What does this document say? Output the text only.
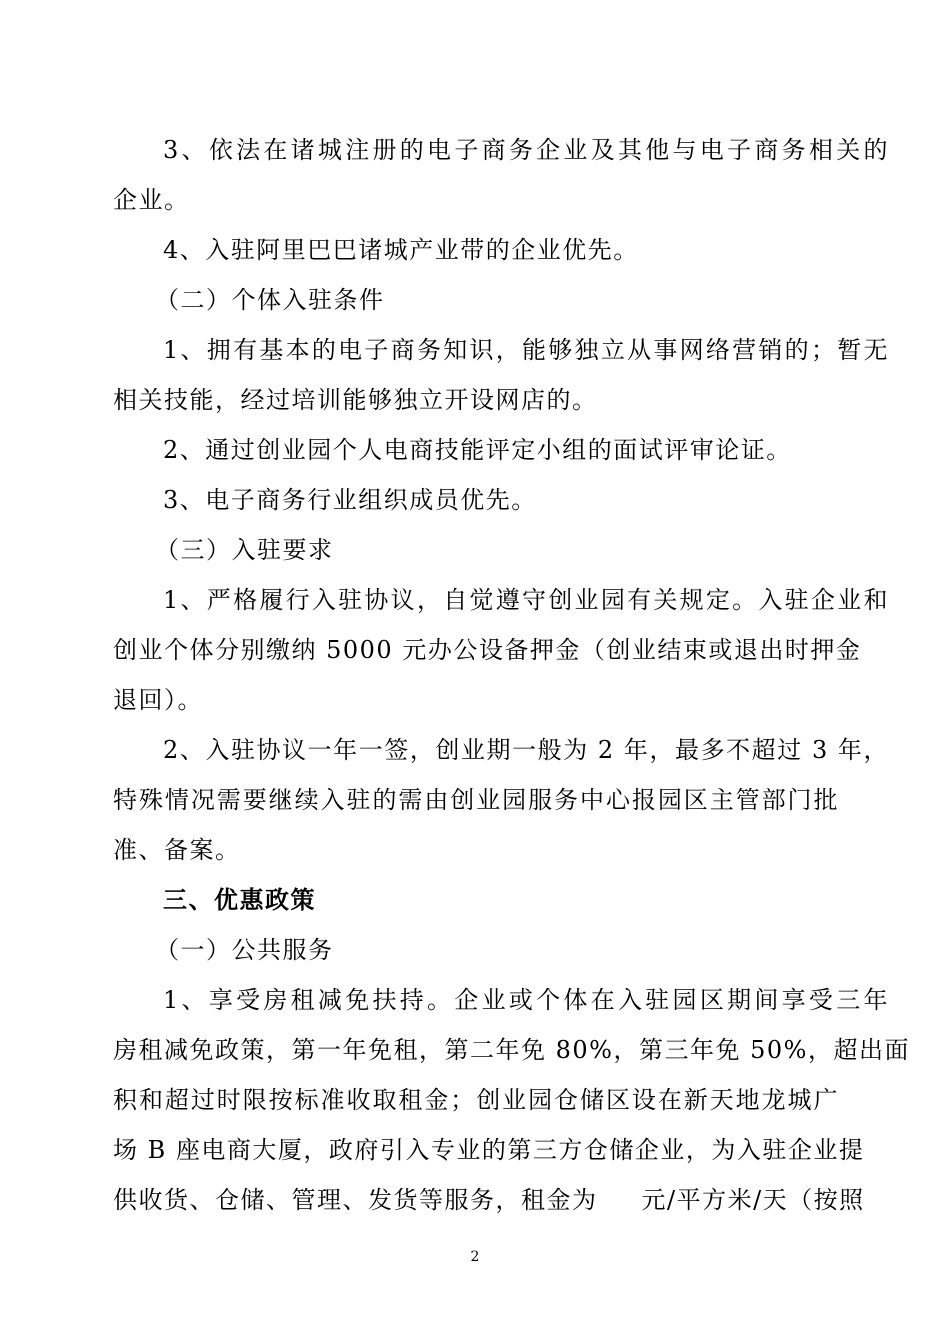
3、依法在诸城注册的电子商务企业及其他与电子商务相关的
企业。
4、入驻阿里巴巴诸城产业带的企业优先。
（二）个体入驻条件
1、拥有基本的电子商务知识，能够独立从事网络营销的；暂无
相关技能，经过培训能够独立开设网店的。
2、通过创业园个人电商技能评定小组的面试评审论证。
3、电子商务行业组织成员优先。
（三）入驻要求
1、严格履行入驻协议，自觉遵守创业园有关规定。入驻企业和
创业个体分别缴纳 5000 元办公设备押金（创业结束或退出时押金
退回）。
2、入驻协议一年一签，创业期一般为 2 年，最多不超过 3 年，
特殊情况需要继续入驻的需由创业园服务中心报园区主管部门批
准、备案。
三、优惠政策
（一）公共服务
1、享受房租减免扶持。企业或个体在入驻园区期间享受三年
房租减免政策，第一年免租，第二年免 80%，第三年免 50%，超出面
积和超过时限按标准收取租金；创业园仓储区设在新天地龙城广
场 B 座电商大厦，政府引入专业的第三方仓储企业，为入驻企业提
供收货、仓储、管理、发货等服务，租金为 元/平方米/天（按照
2
